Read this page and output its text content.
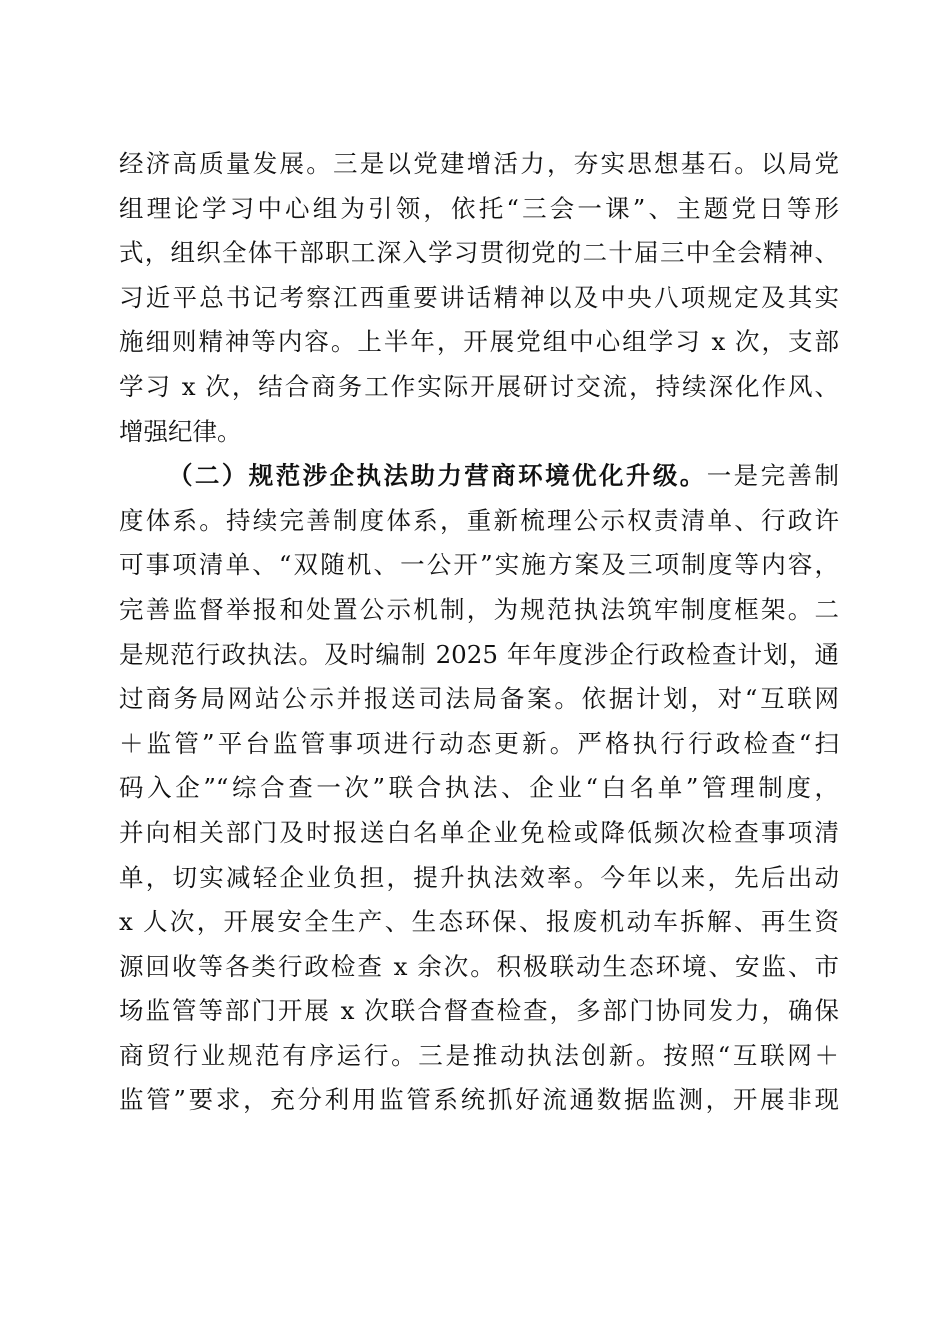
经济高质量发展。三是以党建增活力，夯实思想基石。以局党
组理论学习中心组为引领，依托“三会一课”、主题党日等形
式，组织全体干部职工深入学习贯彻党的二十届三中全会精神、
习近平总书记考察江西重要讲话精神以及中央八项规定及其实
施细则精神等内容。上半年，开展党组中心组学习 x 次，支部
学习 x 次，结合商务工作实际开展研讨交流，持续深化作风、
增强纪律。
（二）规范涉企执法助力营商环境优化升级。一是完善制
度体系。持续完善制度体系，重新梳理公示权责清单、行政许
可事项清单、“双随机、一公开”实施方案及三项制度等内容，
完善监督举报和处置公示机制，为规范执法筑牢制度框架。二
是规范行政执法。及时编制 2025 年年度涉企行政检查计划，通
过商务局网站公示并报送司法局备案。依据计划，对“互联网
＋监管”平台监管事项进行动态更新。严格执行行政检查“扫
码入企”“综合查一次”联合执法、企业“白名单”管理制度，
并向相关部门及时报送白名单企业免检或降低频次检查事项清
单，切实减轻企业负担，提升执法效率。今年以来，先后出动
x 人次，开展安全生产、生态环保、报废机动车拆解、再生资
源回收等各类行政检查 x 余次。积极联动生态环境、安监、市
场监管等部门开展 x 次联合督查检查，多部门协同发力，确保
商贸行业规范有序运行。三是推动执法创新。按照“互联网＋
监管”要求，充分利用监管系统抓好流通数据监测，开展非现
